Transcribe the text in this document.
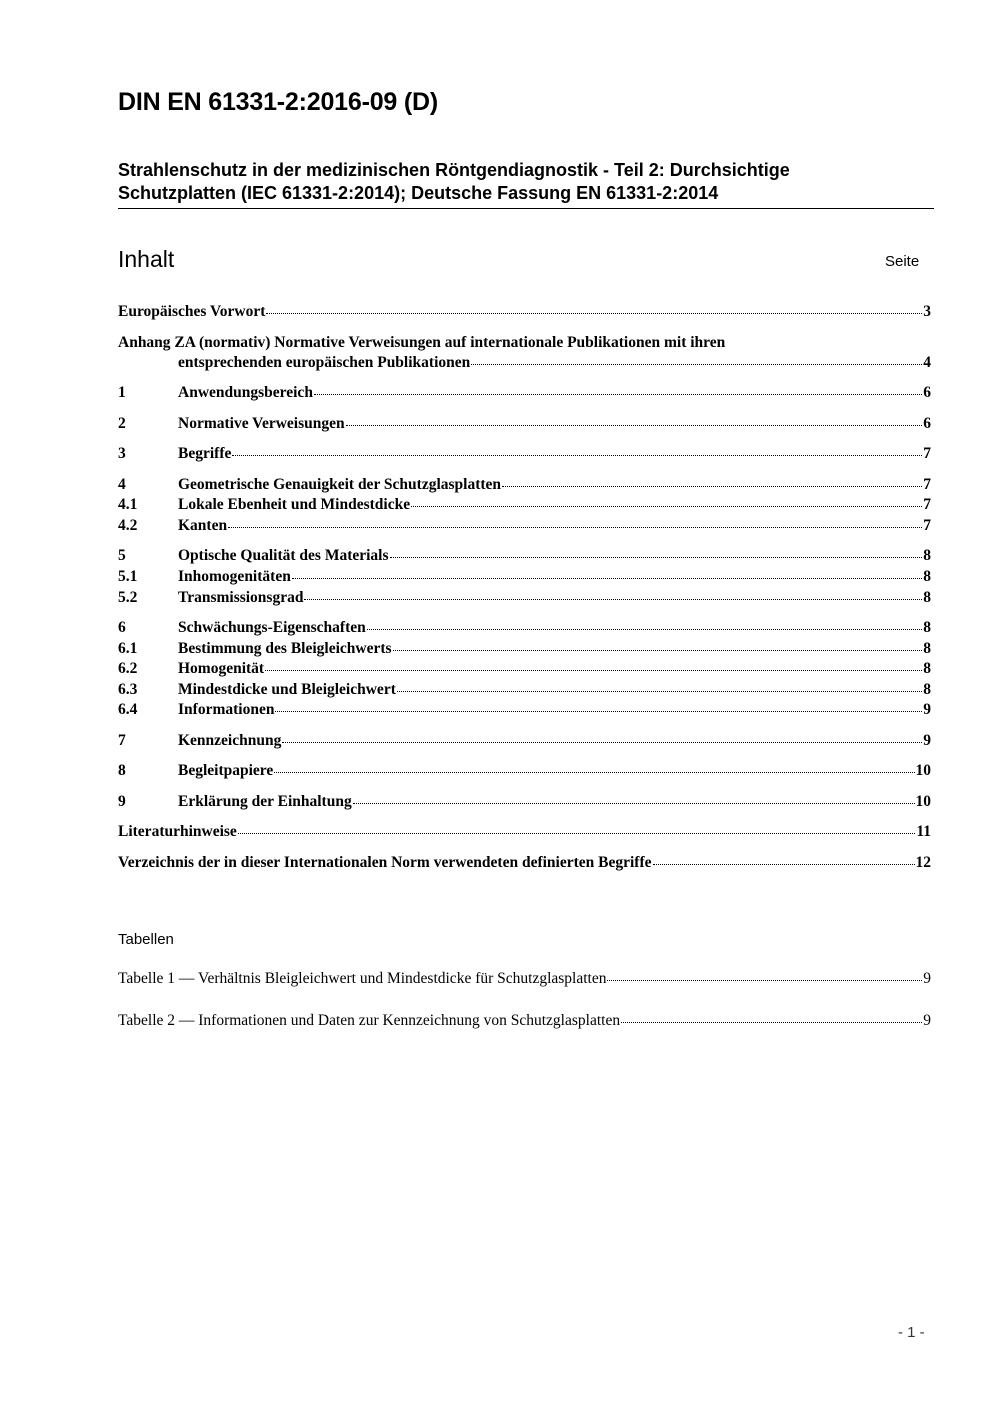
DIN EN 61331-2:2016-09 (D)
Strahlenschutz in der medizinischen Röntgendiagnostik - Teil 2: Durchsichtige
Schutzplatten (IEC 61331-2:2014); Deutsche Fassung EN 61331-2:2014
Inhalt	Seite
Europäisches Vorwort	3
Anhang ZA (normativ) Normative Verweisungen auf internationale Publikationen mit ihren
entsprechenden europäischen Publikationen	4
1	Anwendungsbereich	6
2	Normative Verweisungen	6
3	Begriffe	7
4	Geometrische Genauigkeit der Schutzglasplatten	7
4.1	Lokale Ebenheit und Mindestdicke	7
4.2	Kanten	7
5	Optische Qualität des Materials	8
5.1	Inhomogenitäten	8
5.2	Transmissionsgrad	8
6	Schwächungs-Eigenschaften	8
6.1	Bestimmung des Bleigleichwerts	8
6.2	Homogenität	8
6.3	Mindestdicke und Bleigleichwert	8
6.4	Informationen	9
7	Kennzeichnung	9
8	Begleitpapiere	10
9	Erklärung der Einhaltung	10
Literaturhinweise	11
Verzeichnis der in dieser Internationalen Norm verwendeten definierten Begriffe	12
Tabellen
Tabelle 1 — Verhältnis Bleigleichwert und Mindestdicke für Schutzglasplatten	9
Tabelle 2 — Informationen und Daten zur Kennzeichnung von Schutzglasplatten	9
- 1 -
